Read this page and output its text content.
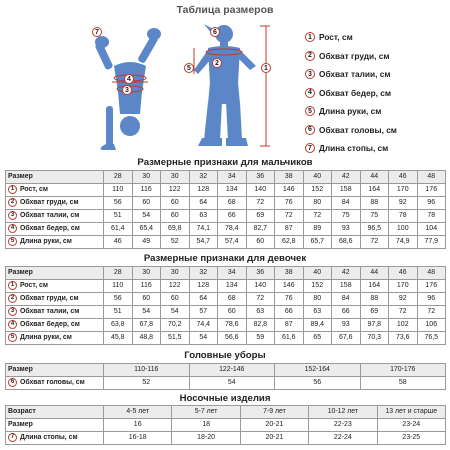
Таблица размеров
7
4
3
6
2
5	1
1 Рост, см
2 Обхват груди, см
3 Обхват талии, см
4 Обхват бедер, см
5 Длина руки, см
6 Обхват головы, см
7 Длина стопы, см
Размерные признаки для мальчиков
Размер	28	30	30	32	34	36	38	40	42	44	46	48
1 Рост, см	110	116	122	128	134	140	146	152	158	164	170	176
2 Обхват груди, см	56	60	60	64	68	72	76	80	84	88	92	96
3 Обхват талии, см	51	54	60	63	66	69	72	72	75	75	78	78
4 Обхват бедер, см	61,4	65,4	69,8	74,1	78,4	82,7	87	89	93	96,5	100	104
5 Длина руки, см	46	49	52	54,7	57,4	60	62,8	65,7	68,6	72	74,9	77,9
Размерные признаки для девочек
Размер	28	30	30	32	34	36	38	40	42	44	46	48
1 Рост, см	110	116	122	128	134	140	146	152	158	164	170	176
2 Обхват груди, см	56	60	60	64	68	72	76	80	84	88	92	96
3 Обхват талии, см	51	54	54	57	60	63	66	63	66	69	72	72
4 Обхват бедер, см	63,8	67,8	70,2	74,4	78,6	82,8	87	89,4	93	97,8	102	106
5 Длина руки, см	45,8	48,8	51,5	54	56,6	59	61,6	65	67,6	70,3	73,6	76,5
Головные уборы
Размер	110-116	122-146	152-164	170-176
6 Обхват головы, см	52	54	56	58
Носочные изделия
Возраст	4-5 лет	5-7 лет	7-9 лет	10-12 лет	13 лет и старше
Размер	16	18	20-21	22-23	23-24
7 Длина стопы, см	16-18	18-20	20-21	22-24	23-25
